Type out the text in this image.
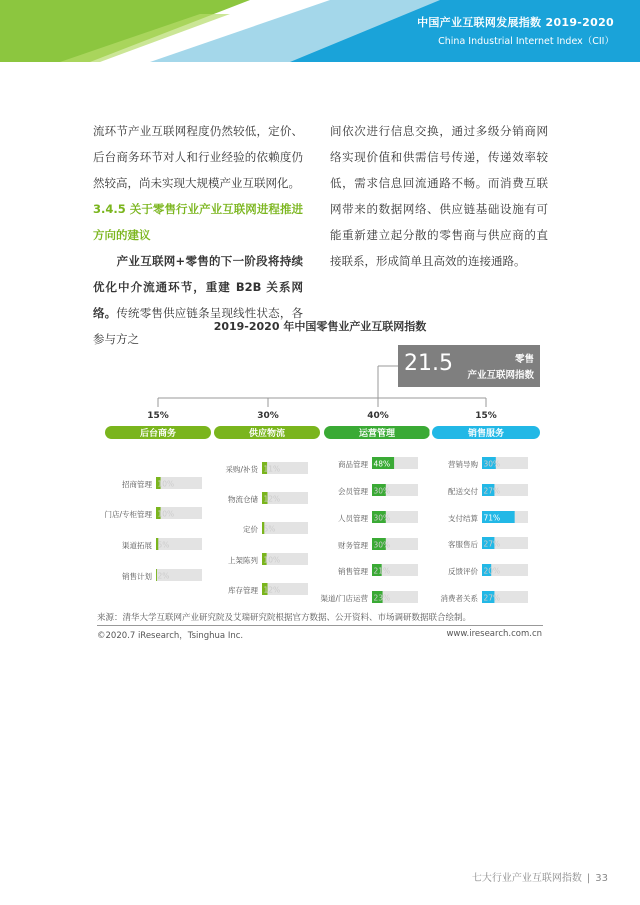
中国产业互联网发展指数 2019-2020
China Industrial Internet Index（CII）

流环节产业互联网程度仍然较低，定价、后台商务环节对人和行业经验的依赖度仍然较高，尚未实现大规模产业互联网化。

3.4.5 关于零售行业产业互联网进程推进方向的建议

产业互联网+零售的下一阶段将持续优化中介流通环节，重建 B2B 关系网络。传统零售供应链条呈现线性状态，各参与方之

间依次进行信息交换，通过多级分销商网络实现价值和供需信号传递，传递效率较低，需求信息回流通路不畅。而消费互联网带来的数据网络、供应链基础设施有可能重新建立起分散的零售商与供应商的直接联系，形成简单且高效的连接通路。

2019-2020 年中国零售业产业互联网指数
21.5	零售
产业互联网指数
15%
后台商务
招商管理 10%
门店/专柜管理 10%
渠道拓展 5%
销售计划 2%
30%
供应物流
采购/补货 11%
物流仓储 12%
定价 5%
上架陈列 10%
库存管理 12%
40%
运营管理
商品管理 48%
会员管理 30%
人员管理 30%
财务管理 30%
销售管理 21%
渠道/门店运营 23%
15%
销售服务
营销导购 30%
配送交付 27%
支付结算 71%
客服售后 27%
反馈评价 20%
消费者关系 27%
来源：清华大学互联网产业研究院及艾瑞研究院根据官方数据、公开资料、市场调研数据联合绘制。
©2020.7 iResearch，Tsinghua Inc.	www.iresearch.com.cn
七大行业产业互联网指数 | 33
